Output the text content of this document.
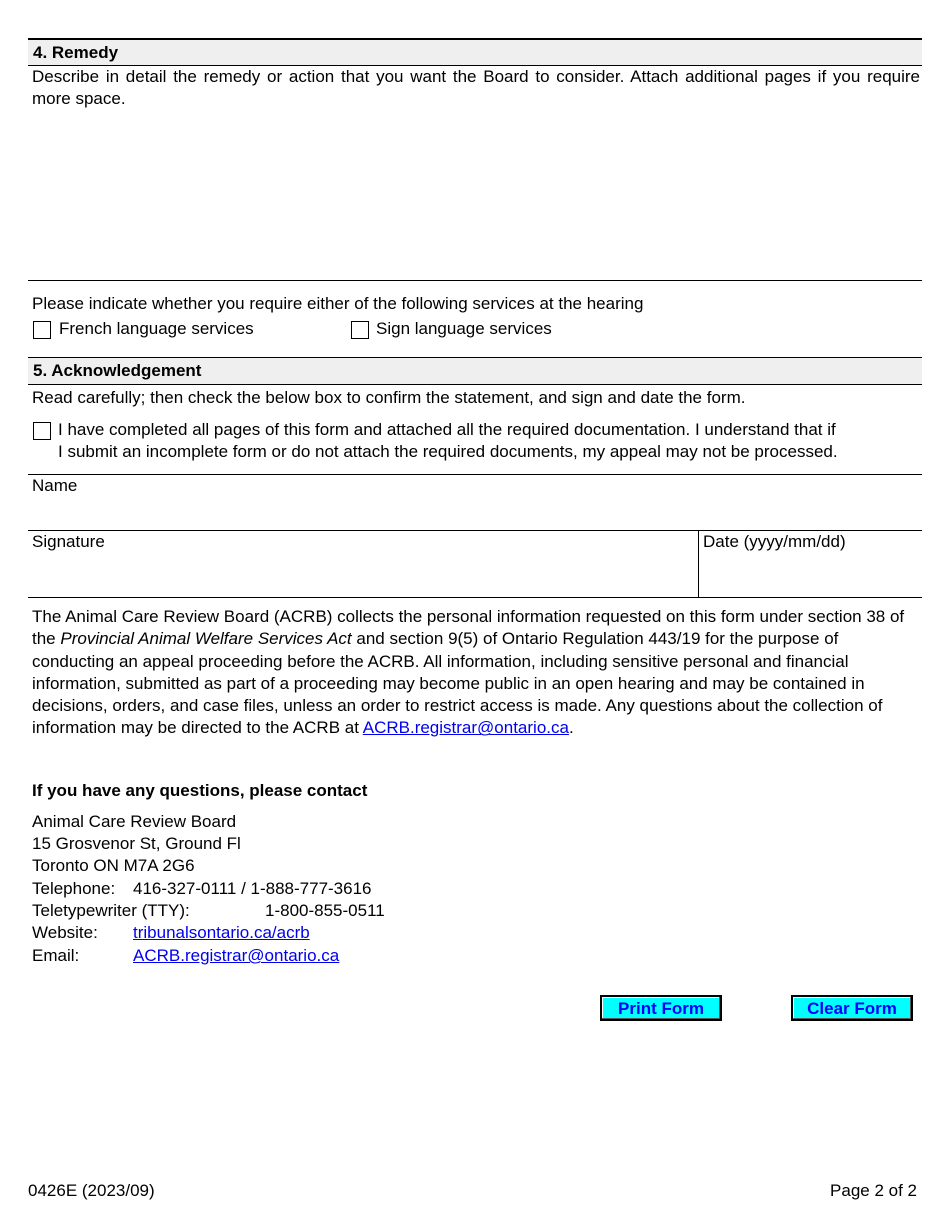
4. Remedy
Describe in detail the remedy or action that you want the Board to consider. Attach additional pages if you require more space.
Please indicate whether you require either of the following services at the hearing
French language services	Sign language services
5. Acknowledgement
Read carefully; then check the below box to confirm the statement, and sign and date the form.
I have completed all pages of this form and attached all the required documentation. I understand that if
I submit an incomplete form or do not attach the required documents, my appeal may not be processed.
Name
Signature	Date (yyyy/mm/dd)
The Animal Care Review Board (ACRB) collects the personal information requested on this form under section 38 of the Provincial Animal Welfare Services Act and section 9(5) of Ontario Regulation 443/19 for the purpose of conducting an appeal proceeding before the ACRB. All information, including sensitive personal and financial information, submitted as part of a proceeding may become public in an open hearing and may be contained in decisions, orders, and case files, unless an order to restrict access is made. Any questions about the collection of information may be directed to the ACRB at ACRB.registrar@ontario.ca.
If you have any questions, please contact
Animal Care Review Board
15 Grosvenor St, Ground Fl
Toronto ON M7A 2G6
Telephone: 416-327-0111 / 1-888-777-3616
Teletypewriter (TTY):	1-800-855-0511
Website: tribunalsontario.ca/acrb
Email:	ACRB.registrar@ontario.ca
Print Form	Clear Form
0426E (2023/09)	Page 2 of 2
